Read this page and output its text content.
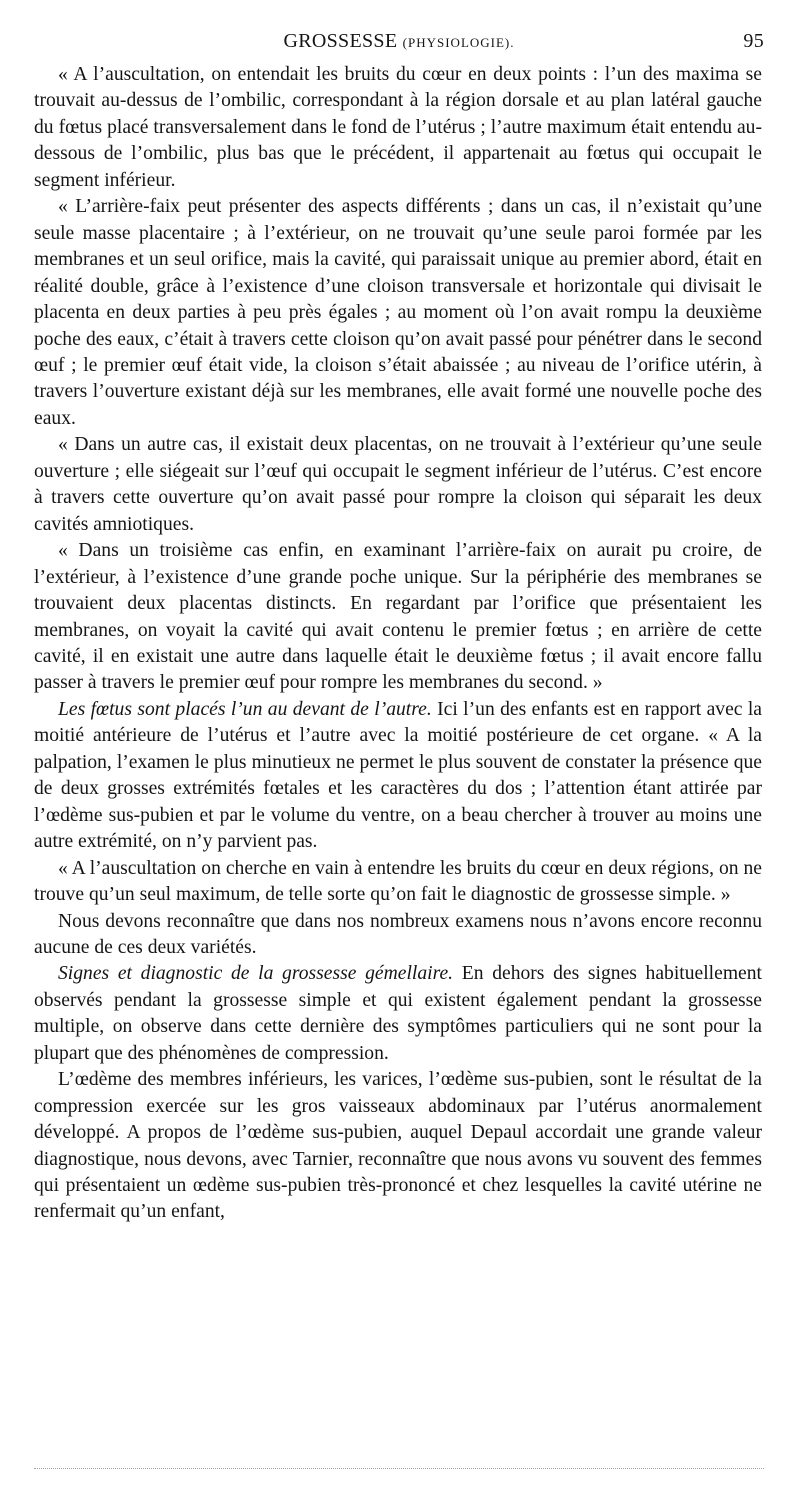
GROSSESSE (PHYSIOLOGIE).	95

« A l’auscultation, on entendait les bruits du cœur en deux points : l’un des maxima se trouvait au-dessus de l’ombilic, correspondant à la région dorsale et au plan latéral gauche du fœtus placé transversalement dans le fond de l’utérus ; l’autre maximum était entendu au-dessous de l’ombilic, plus bas que le précédent, il appartenait au fœtus qui occupait le segment inférieur.

« L’arrière-faix peut présenter des aspects différents ; dans un cas, il n’existait qu’une seule masse placentaire ; à l’extérieur, on ne trouvait qu’une seule paroi formée par les membranes et un seul orifice, mais la cavité, qui paraissait unique au premier abord, était en réalité double, grâce à l’existence d’une cloison transversale et horizontale qui divisait le placenta en deux parties à peu près égales ; au moment où l’on avait rompu la deuxième poche des eaux, c’était à travers cette cloison qu’on avait passé pour pénétrer dans le second œuf ; le premier œuf était vide, la cloison s’était abaissée ; au niveau de l’orifice utérin, à travers l’ouverture existant déjà sur les membranes, elle avait formé une nouvelle poche des eaux.

« Dans un autre cas, il existait deux placentas, on ne trouvait à l’extérieur qu’une seule ouverture ; elle siégeait sur l’œuf qui occupait le segment inférieur de l’utérus. C’est encore à travers cette ouverture qu’on avait passé pour rompre la cloison qui séparait les deux cavités amniotiques.

« Dans un troisième cas enfin, en examinant l’arrière-faix on aurait pu croire, de l’extérieur, à l’existence d’une grande poche unique. Sur la périphérie des membranes se trouvaient deux placentas distincts. En regardant par l’orifice que présentaient les membranes, on voyait la cavité qui avait contenu le premier fœtus ; en arrière de cette cavité, il en existait une autre dans laquelle était le deuxième fœtus ; il avait encore fallu passer à travers le premier œuf pour rompre les membranes du second. »

Les fœtus sont placés l’un au devant de l’autre. Ici l’un des enfants est en rapport avec la moitié antérieure de l’utérus et l’autre avec la moitié postérieure de cet organe. « A la palpation, l’examen le plus minutieux ne permet le plus souvent de constater la présence que de deux grosses extrémités fœtales et les caractères du dos ; l’attention étant attirée par l’œdème sus-pubien et par le volume du ventre, on a beau chercher à trouver au moins une autre extrémité, on n’y parvient pas.

« A l’auscultation on cherche en vain à entendre les bruits du cœur en deux régions, on ne trouve qu’un seul maximum, de telle sorte qu’on fait le diagnostic de grossesse simple. »

Nous devons reconnaître que dans nos nombreux examens nous n’avons encore reconnu aucune de ces deux variétés.

Signes et diagnostic de la grossesse gémellaire. En dehors des signes habituellement observés pendant la grossesse simple et qui existent également pendant la grossesse multiple, on observe dans cette dernière des symptômes particuliers qui ne sont pour la plupart que des phénomènes de compression.

L’œdème des membres inférieurs, les varices, l’œdème sus-pubien, sont le résultat de la compression exercée sur les gros vaisseaux abdominaux par l’utérus anormalement développé. A propos de l’œdème sus-pubien, auquel Depaul accordait une grande valeur diagnostique, nous devons, avec Tarnier, reconnaître que nous avons vu souvent des femmes qui présentaient un œdème sus-pubien très-prononcé et chez lesquelles la cavité utérine ne renfermait qu’un enfant,
